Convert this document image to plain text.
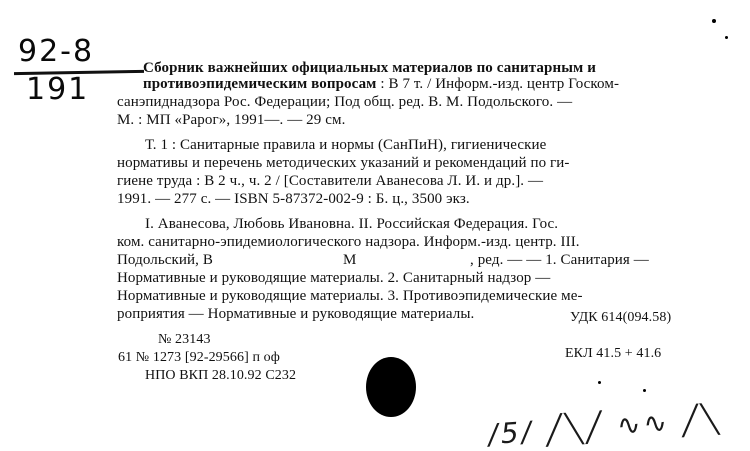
92-8
191
Сборник важнейших официальных материалов по санитарным и
противоэпидемическим вопросам : В 7 т. / Информ.-изд. центр Госком-
санэпиднадзора Рос. Федерации; Под общ. ред. В. М. Подольского. —
М. : МП «Рарог», 1991—. — 29 см.
Т. 1 : Санитарные правила и нормы (СанПиН), гигиенические
нормативы и перечень методических указаний и рекомендаций по ги-
гиене труда : В 2 ч., ч. 2 / [Составители Аванесова Л. И. и др.]. —
1991. — 277 с. — ISBN 5-87372-002-9 : Б. ц., 3500 экз.
I. Аванесова, Любовь Ивановна. II. Российская Федерация. Гос.
ком. санитарно-эпидемиологического надзора. Информ.-изд. центр. III.
Подольский, В	М	, ред. — — 1. Санитария —
Нормативные и руководящие материалы. 2. Санитарный надзор —
Нормативные и руководящие материалы. 3. Противоэпидемические ме-
роприятия — Нормативные и руководящие материалы.	УДК 614(094.58)
№ 23143
61 № 1273 [92-29566] п оф
НПО ВКП 28.10.92 С232
ЕКЛ 41.5 + 41.6
/5/ ╱╲╱ ∿∿ ╱╲
